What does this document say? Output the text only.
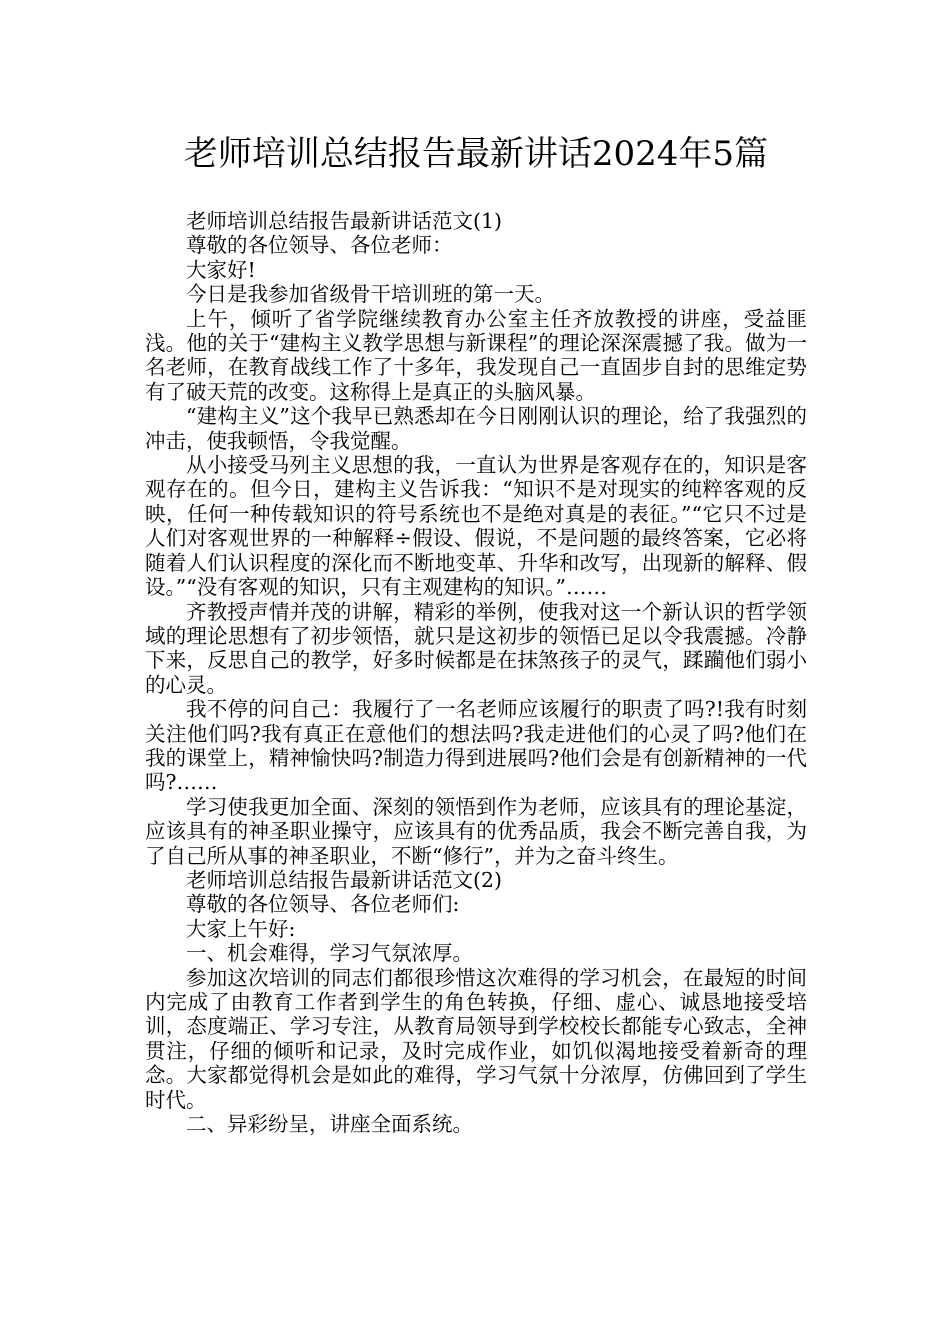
老师培训总结报告最新讲话2024年5篇

老师培训总结报告最新讲话范文(1)

尊敬的各位领导、各位老师：

大家好!

今日是我参加省级骨干培训班的第一天。

上午，倾听了省学院继续教育办公室主任齐放教授的讲座，受益匪浅。他的关于“建构主义教学思想与新课程”的理论深深震撼了我。做为一名老师，在教育战线工作了十多年，我发现自己一直固步自封的思维定势有了破天荒的改变。这称得上是真正的头脑风暴。

“建构主义”这个我早已熟悉却在今日刚刚认识的理论，给了我强烈的冲击，使我顿悟，令我觉醒。

从小接受马列主义思想的我，一直认为世界是客观存在的，知识是客观存在的。但今日，建构主义告诉我：“知识不是对现实的纯粹客观的反映，任何一种传载知识的符号系统也不是绝对真是的表征。”“它只不过是人们对客观世界的一种解释÷假设、假说，不是问题的最终答案，它必将随着人们认识程度的深化而不断地变革、升华和改写，出现新的解释、假设。”“没有客观的知识，只有主观建构的知识。”……

齐教授声情并茂的讲解，精彩的举例，使我对这一个新认识的哲学领域的理论思想有了初步领悟，就只是这初步的领悟已足以令我震撼。冷静下来，反思自己的教学，好多时候都是在抹煞孩子的灵气，蹂躏他们弱小的心灵。

我不停的问自己：我履行了一名老师应该履行的职责了吗?!我有时刻关注他们吗?我有真正在意他们的想法吗?我走进他们的心灵了吗?他们在我的课堂上，精神愉快吗?制造力得到进展吗?他们会是有创新精神的一代吗?……

学习使我更加全面、深刻的领悟到作为老师，应该具有的理论基淀，应该具有的神圣职业操守，应该具有的优秀品质，我会不断完善自我，为了自己所从事的神圣职业，不断“修行”，并为之奋斗终生。

老师培训总结报告最新讲话范文(2)

尊敬的各位领导、各位老师们:

大家上午好:

一、机会难得，学习气氛浓厚。

参加这次培训的同志们都很珍惜这次难得的学习机会，在最短的时间内完成了由教育工作者到学生的角色转换，仔细、虚心、诚恳地接受培训，态度端正、学习专注，从教育局领导到学校校长都能专心致志，全神贯注，仔细的倾听和记录，及时完成作业，如饥似渴地接受着新奇的理念。大家都觉得机会是如此的难得，学习气氛十分浓厚，仿佛回到了学生时代。

二、异彩纷呈，讲座全面系统。
